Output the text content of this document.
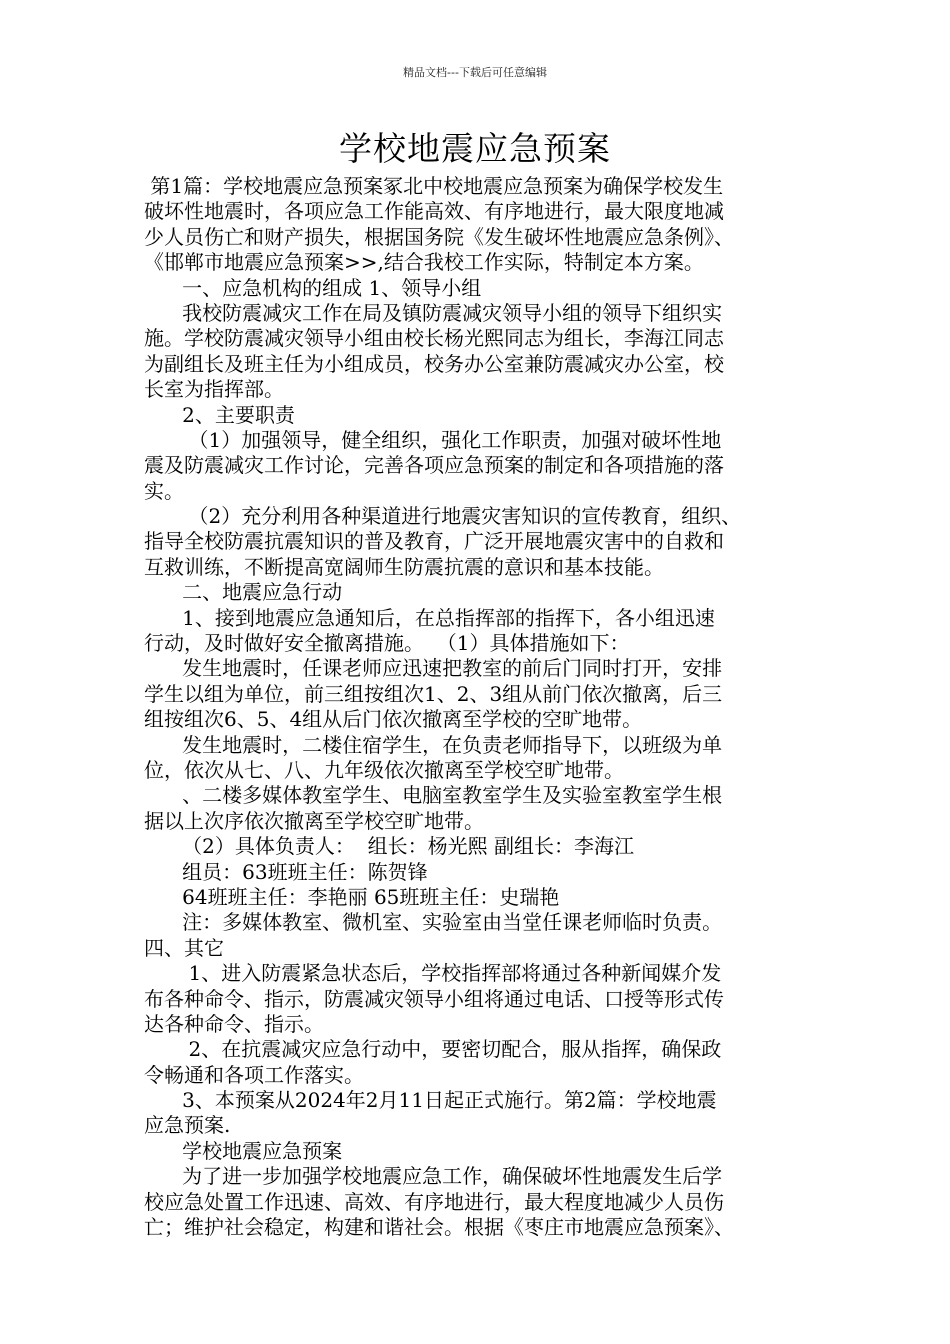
精品文档---下载后可任意编辑
学校地震应急预案
第1篇：学校地震应急预案冢北中校地震应急预案为确保学校发生
破坏性地震时，各项应急工作能高效、有序地进行，最大限度地减
少人员伤亡和财产损失，根据国务院《发生破坏性地震应急条例》、
《邯郸市地震应急预案>>,结合我校工作实际，特制定本方案。
一、应急机构的组成 1、领导小组
我校防震减灾工作在局及镇防震减灾领导小组的领导下组织实
施。学校防震减灾领导小组由校长杨光熙同志为组长，李海江同志
为副组长及班主任为小组成员，校务办公室兼防震减灾办公室，校
长室为指挥部。
2、主要职责
（1）加强领导，健全组织，强化工作职责，加强对破坏性地
震及防震减灾工作讨论，完善各项应急预案的制定和各项措施的落
实。
（2）充分利用各种渠道进行地震灾害知识的宣传教育，组织、
指导全校防震抗震知识的普及教育，广泛开展地震灾害中的自救和
互救训练，不断提高宽阔师生防震抗震的意识和基本技能。
二、地震应急行动
1、接到地震应急通知后，在总指挥部的指挥下，各小组迅速
行动，及时做好安全撤离措施。  （1）具体措施如下：
发生地震时，任课老师应迅速把教室的前后门同时打开，安排
学生以组为单位，前三组按组次1、2、3组从前门依次撤离，后三
组按组次6、5、4组从后门依次撤离至学校的空旷地带。
发生地震时，二楼住宿学生，在负责老师指导下，以班级为单
位，依次从七、八、九年级依次撤离至学校空旷地带。
、二楼多媒体教室学生、电脑室教室学生及实验室教室学生根
据以上次序依次撤离至学校空旷地带。
（2）具体负责人：  组长：杨光熙 副组长：李海江
组员：63班班主任：陈贺锋
64班班主任：李艳丽 65班班主任：史瑞艳
注：多媒体教室、微机室、实验室由当堂任课老师临时负责。
四、其它
1、进入防震紧急状态后，学校指挥部将通过各种新闻媒介发
布各种命令、指示，防震减灾领导小组将通过电话、口授等形式传
达各种命令、指示。
2、在抗震减灾应急行动中，要密切配合，服从指挥，确保政
令畅通和各项工作落实。
3、本预案从2024年2月11日起正式施行。第2篇：学校地震
应急预案.
学校地震应急预案
为了进一步加强学校地震应急工作，确保破坏性地震发生后学
校应急处置工作迅速、高效、有序地进行，最大程度地减少人员伤
亡；维护社会稳定，构建和谐社会。根据《枣庄市地震应急预案》、
